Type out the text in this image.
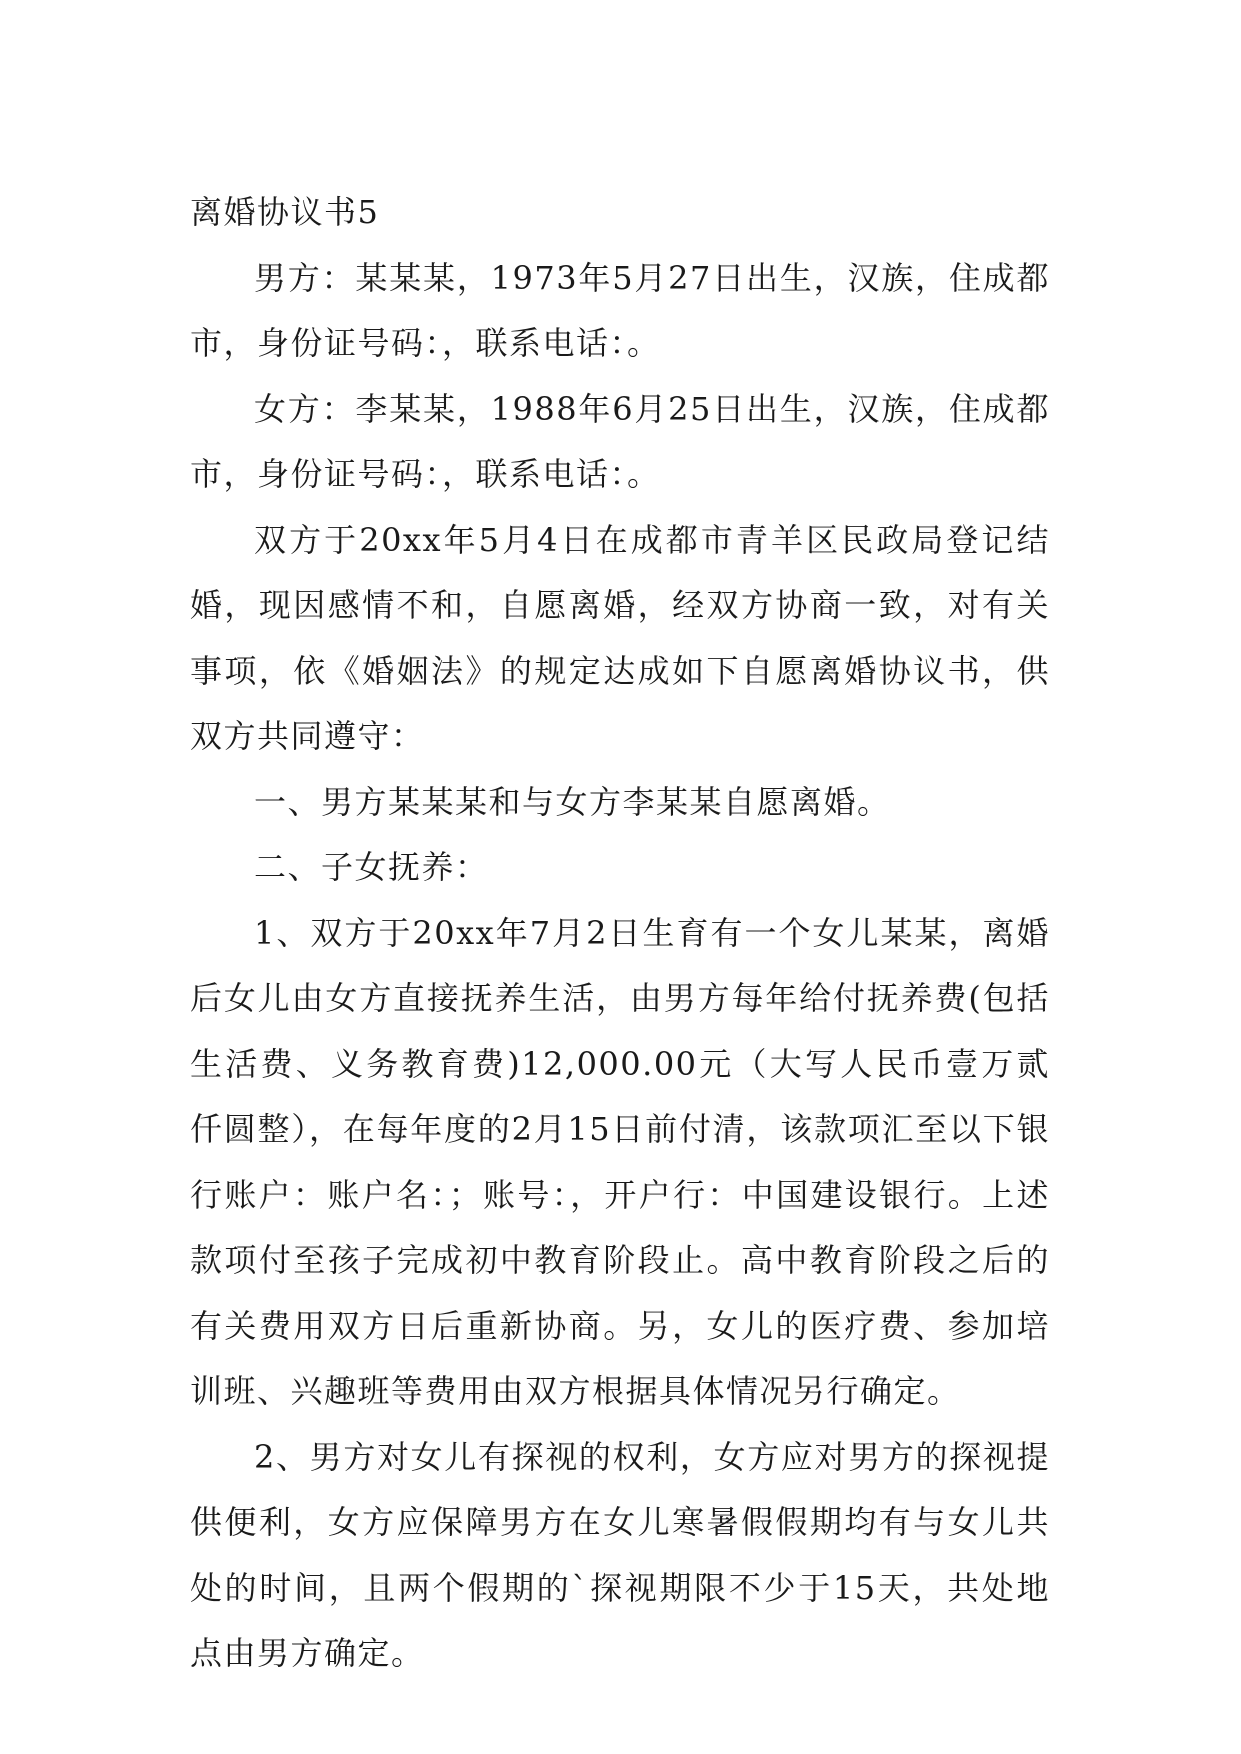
离婚协议书5

男方：某某某，1973年5月27日出生，汉族，住成都市，身份证号码：，联系电话：。

女方：李某某，1988年6月25日出生，汉族，住成都市，身份证号码：，联系电话：。

双方于20xx年5月4日在成都市青羊区民政局登记结婚，现因感情不和，自愿离婚，经双方协商一致，对有关事项，依《婚姻法》的规定达成如下自愿离婚协议书，供双方共同遵守：

一、男方某某某和与女方李某某自愿离婚。

二、子女抚养：

1、双方于20xx年7月2日生育有一个女儿某某，离婚后女儿由女方直接抚养生活，由男方每年给付抚养费(包括生活费、义务教育费)12,000.00元（大写人民币壹万贰仟圆整），在每年度的2月15日前付清，该款项汇至以下银行账户：账户名：；账号：，开户行：中国建设银行。上述款项付至孩子完成初中教育阶段止。高中教育阶段之后的有关费用双方日后重新协商。另，女儿的医疗费、参加培训班、兴趣班等费用由双方根据具体情况另行确定。

2、男方对女儿有探视的权利，女方应对男方的探视提供便利，女方应保障男方在女儿寒暑假假期均有与女儿共处的时间，且两个假期的`探视期限不少于15天，共处地点由男方确定。
